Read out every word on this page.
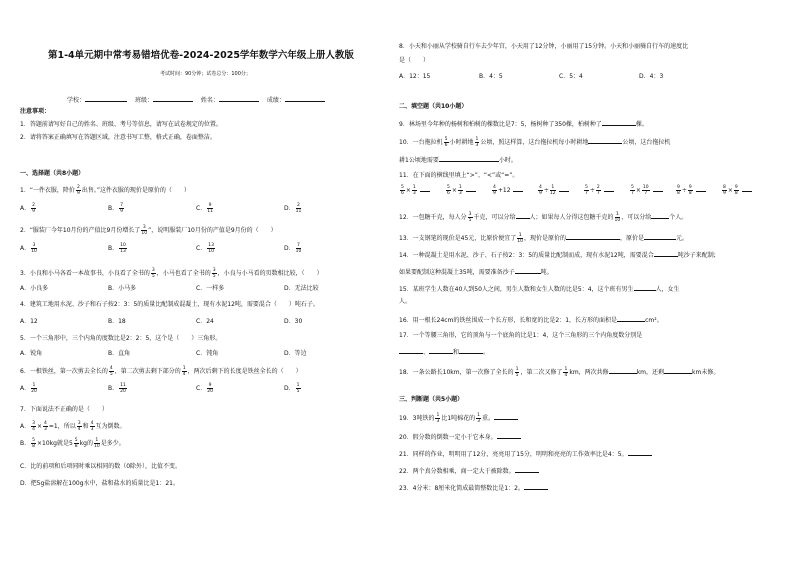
第1-4单元期中常考易错培优卷-2024-2025学年数学六年级上册人教版
考试时间：90分钟；试卷总分：100分；
学校：	班级：	姓名：	成绩：
注意事项：
1．答题前请写好自己的姓名、班级、考号等信息，请写在试卷规定的位置。
2．请将答案正确填写在答题区域，注意书写工整，格式正确，卷面整洁。
一、选择题（共8小题）
1．“一件衣服，降价 $\frac{2}{9}$ 出售。”这件衣服的现价是原价的（　　）
A． $\frac{2}{9}$	B． $\frac{7}{9}$	C． $\frac{9}{11}$	D． $\frac{2}{11}$
2．“服装厂今年10月份的产值比9月份增长了 $\frac{3}{10}$ ”，说明服装厂10月份的产值是9月份的（　　）
A． $\frac{3}{10}$	B． $\frac{10}{13}$	C． $\frac{13}{10}$	D． $\frac{7}{10}$
3．小良和小马各看一本故事书，小良看了全书的 $\frac{3}{5}$ ，小马也看了全书的 $\frac{3}{5}$ ，小良与小马看的页数相比较，（　　）
A．小良多	B．小马多	C．一样多	D．无法比较
4．建筑工地用水泥、沙子和石子按2：3：5的质量比配制成混凝土，现有水泥12吨，需要混合（　　）吨石子。
A．12	B．18	C．24	D．30
5．一个三角形中，三个内角的度数比是2：2：5，这个是（　　）三角形。
A．锐角	B．直角	C．钝角	D．等边
6．一根铁丝，第一次剪去全长的 $\frac{4}{5}$ ，第二次剪去剩下部分的 $\frac{1}{4}$ ，两次后剩下的长度是铁丝全长的（　　）
A． $\frac{1}{20}$	B． $\frac{11}{20}$	C． $\frac{9}{20}$	D． $\frac{1}{5}$
7．下面说法不正确的是（　　）
A． $\frac{3}{4} \times \frac{4}{3} =1$，所以 $\frac{3}{4}$ 和 $\frac{4}{3}$ 互为倒数。
B． $\frac{5}{8} \times 10kg$就是$5 \frac{5}{8}$ kg的 $\frac{1}{10}$ 是多少。
C．比的前项和后项同时乘以相同的数（0除外），比值不变。
D．把5g盐溶解在100g水中，盐和盐水的质量比是1：21。
8．小天和小丽从学校骑自行车去少年宫，小天用了12分钟，小丽用了15分钟。小天和小丽骑自行车的速度比
是（　　）
A．12：15	B．4：5	C．5：4	D．4：3
二、填空题（共10小题）
9．林场里今年种的杨树和柏树的棵数比是7：5，杨树种了350棵，柏树种了	棵。
10．一台拖拉机 $\frac{5}{6}$ 小时耕地 $\frac{1}{3}$ 公顷，照这样算，这台拖拉机每小时耕地	公顷，这台拖拉机
耕1公顷地需要	小时。
11．在下面的横线里填上“>”、“<”或“=”。
$\frac{5}{6} \times \frac{1}{3}$	$\frac{5}{6} \times \frac{1}{3}$	$\frac{4}{9} +12$	$\frac{4}{9} \div \frac{1}{12}$	$\frac{5}{7} \div \frac{2}{7}$	$\frac{5}{7} \times \frac{10}{7}$	$\frac{9}{8} \div \frac{9}{8}$	$\frac{8}{9} \times \frac{9}{8}$
12．一包糖千克，每人分 $\frac{3}{5}$ 千克，可以分给 人；如果每人分得这包糖千克的 $\frac{1}{10}$ ，可以分给	个人。
13．一支钢笔的现价是45元，比原价便宜了 $\frac{1}{10}$ ，现价是原价的	，原价是	元。
14．一种混凝土是用水泥、沙子、石子按2：3：5的质量比配制而成，现有水泥12吨，需要混合	吨沙子来配制;
如果要配制这种混凝土35吨，需要准备沙子	吨。
15．某班学生人数在40人到50人之间，男生人数和女生人数的比是5：4，这个班有男生	人，女生
人。
16．用一根长24cm的铁丝围成一个长方形，长和宽的比是2：1，长方形的面积是	cm²。
17．一个等腰三角形，它的顶角与一个底角的比是1：4，这个三角形的三个内角度数分别是
、	和	。
18．一条公路长10km，第一次修了全长的 $\frac{1}{5}$ ，第二次又修了 $\frac{1}{4}$ km，两次共修	km，还剩	km未修。
三、判断题（共5小题）
19．3吨铁的 $\frac{1}{3}$ 比1吨棉花的 $\frac{1}{3}$ 重。
20．假分数的倒数一定小于它本身。
21．同样的作业，明明用了12分，亮亮用了15分，明明和亮亮的工作效率比是4：5。
22．两个真分数相乘，商一定大于被除数。
23．4分米：8厘米化简成最简整数比是1：2。
